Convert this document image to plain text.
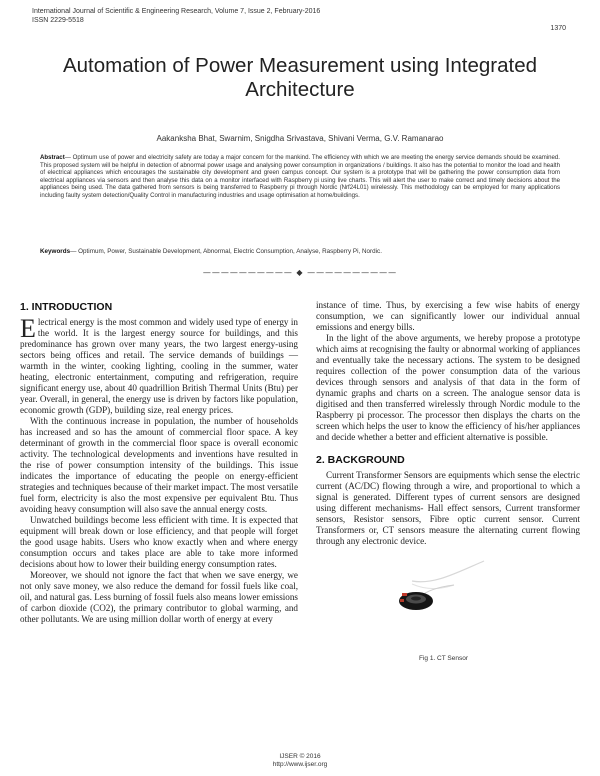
International Journal of Scientific & Engineering Research, Volume 7, Issue 2, February-2016
ISSN 2229-5518
1370
Automation of Power Measurement using Integrated Architecture
Aakanksha Bhat, Swarnim, Snigdha Srivastava, Shivani Verma, G.V. Ramanarao
Abstract— Optimum use of power and electricity safety are today a major concern for the mankind. The efficiency with which we are meeting the energy service demands should be examined. This proposed system will be helpful in detection of abnormal power usage and analysing power consumption in organizations / buildings. It also has the potential to monitor the load and health of electrical appliances which encourages the sustainable city development and green campus concept. Our system is a prototype that will be gathering the power consumption data from electrical appliances via sensors and then analyse this data on a monitor interfaced with Raspberry pi using live charts. This will alert the user to make correct and timely decisions about the appliances being used. The data gathered from sensors is being transferred to Raspberry pi through Nordic (Nrf24L01) wirelessly. This methodology can be employed for many applications including faulty system detection/Quality Control in manufacturing industries and usage optimisation at home/buildings.
Keywords— Optimum, Power, Sustainable Development, Abnormal, Electric Consumption, Analyse, Raspberry Pi, Nordic.
—————————— ◆ ——————————
1. INTRODUCTION

Electrical energy is the most common and widely used type of energy in the world. It is the largest energy source for buildings, and this predominance has grown over many years, the two largest energy-using sectors being offices and retail. The service demands of buildings —warmth in the winter, cooking lighting, cooling in the summer, water heating, electronic entertainment, computing and refrigeration, require significant energy use, about 40 quadrillion British Thermal Units (Btu) per year. Overall, in general, the energy use is driven by factors like population, economic growth (GDP), building size, real energy prices.

With the continuous increase in population, the number of households has increased and so has the amount of commercial floor space. A key determinant of growth in the commercial floor space is overall economic activity. The technological developments and inventions have resulted in the rise of power consumption intensity of the buildings. This issue indicates the importance of educating the people on energy-efficient strategies and techniques because of their market impact. The most versatile fuel form, electricity is also the most expensive per equivalent Btu. Thus avoiding heavy consumption will also save the annual energy costs.

Unwatched buildings become less efficient with time. It is expected that equipment will break down or lose efficiency, and that people will forget the good usage habits. Users who know exactly when and where energy consumption occurs and takes place are able to take more informed decisions about how to lower their building energy consumption rates.

Moreover, we should not ignore the fact that when we save energy, we not only save money, we also reduce the demand for fossil fuels like coal, oil, and natural gas. Less burning of fossil fuels also means lower emissions of carbon dioxide (CO2), the primary contributor to global warming, and other pollutants. We are using million dollar worth of energy at every

instance of time. Thus, by exercising a few wise habits of energy consumption, we can significantly lower our individual annual emissions and energy bills.

In the light of the above arguments, we hereby propose a prototype which aims at recognising the faulty or abnormal working of appliances and eventually take the necessary actions. The system to be designed requires collection of the power consumption data of the various devices through sensors and analysis of that data in the form of dynamic graphs and charts on a screen. The analogue sensor data is digitised and then transferred wirelessly through Nordic module to the Raspberry pi processor. The processor then displays the charts on the screen which helps the user to know the efficiency of his/her appliances and decide whether a better and efficient alternative is possible.

2. BACKGROUND

Current Transformer Sensors are equipments which sense the electric current (AC/DC) flowing through a wire, and proportional to which a signal is generated. Different types of current sensors are designed using different mechanisms- Hall effect sensors, Current transformer sensors, Resistor sensors, Fibre optic current sensor. Current Transformers or, CT sensors measure the alternating current flowing through any electronic device.

Fig 1. CT Sensor
IJSER © 2016
http://www.ijser.org
